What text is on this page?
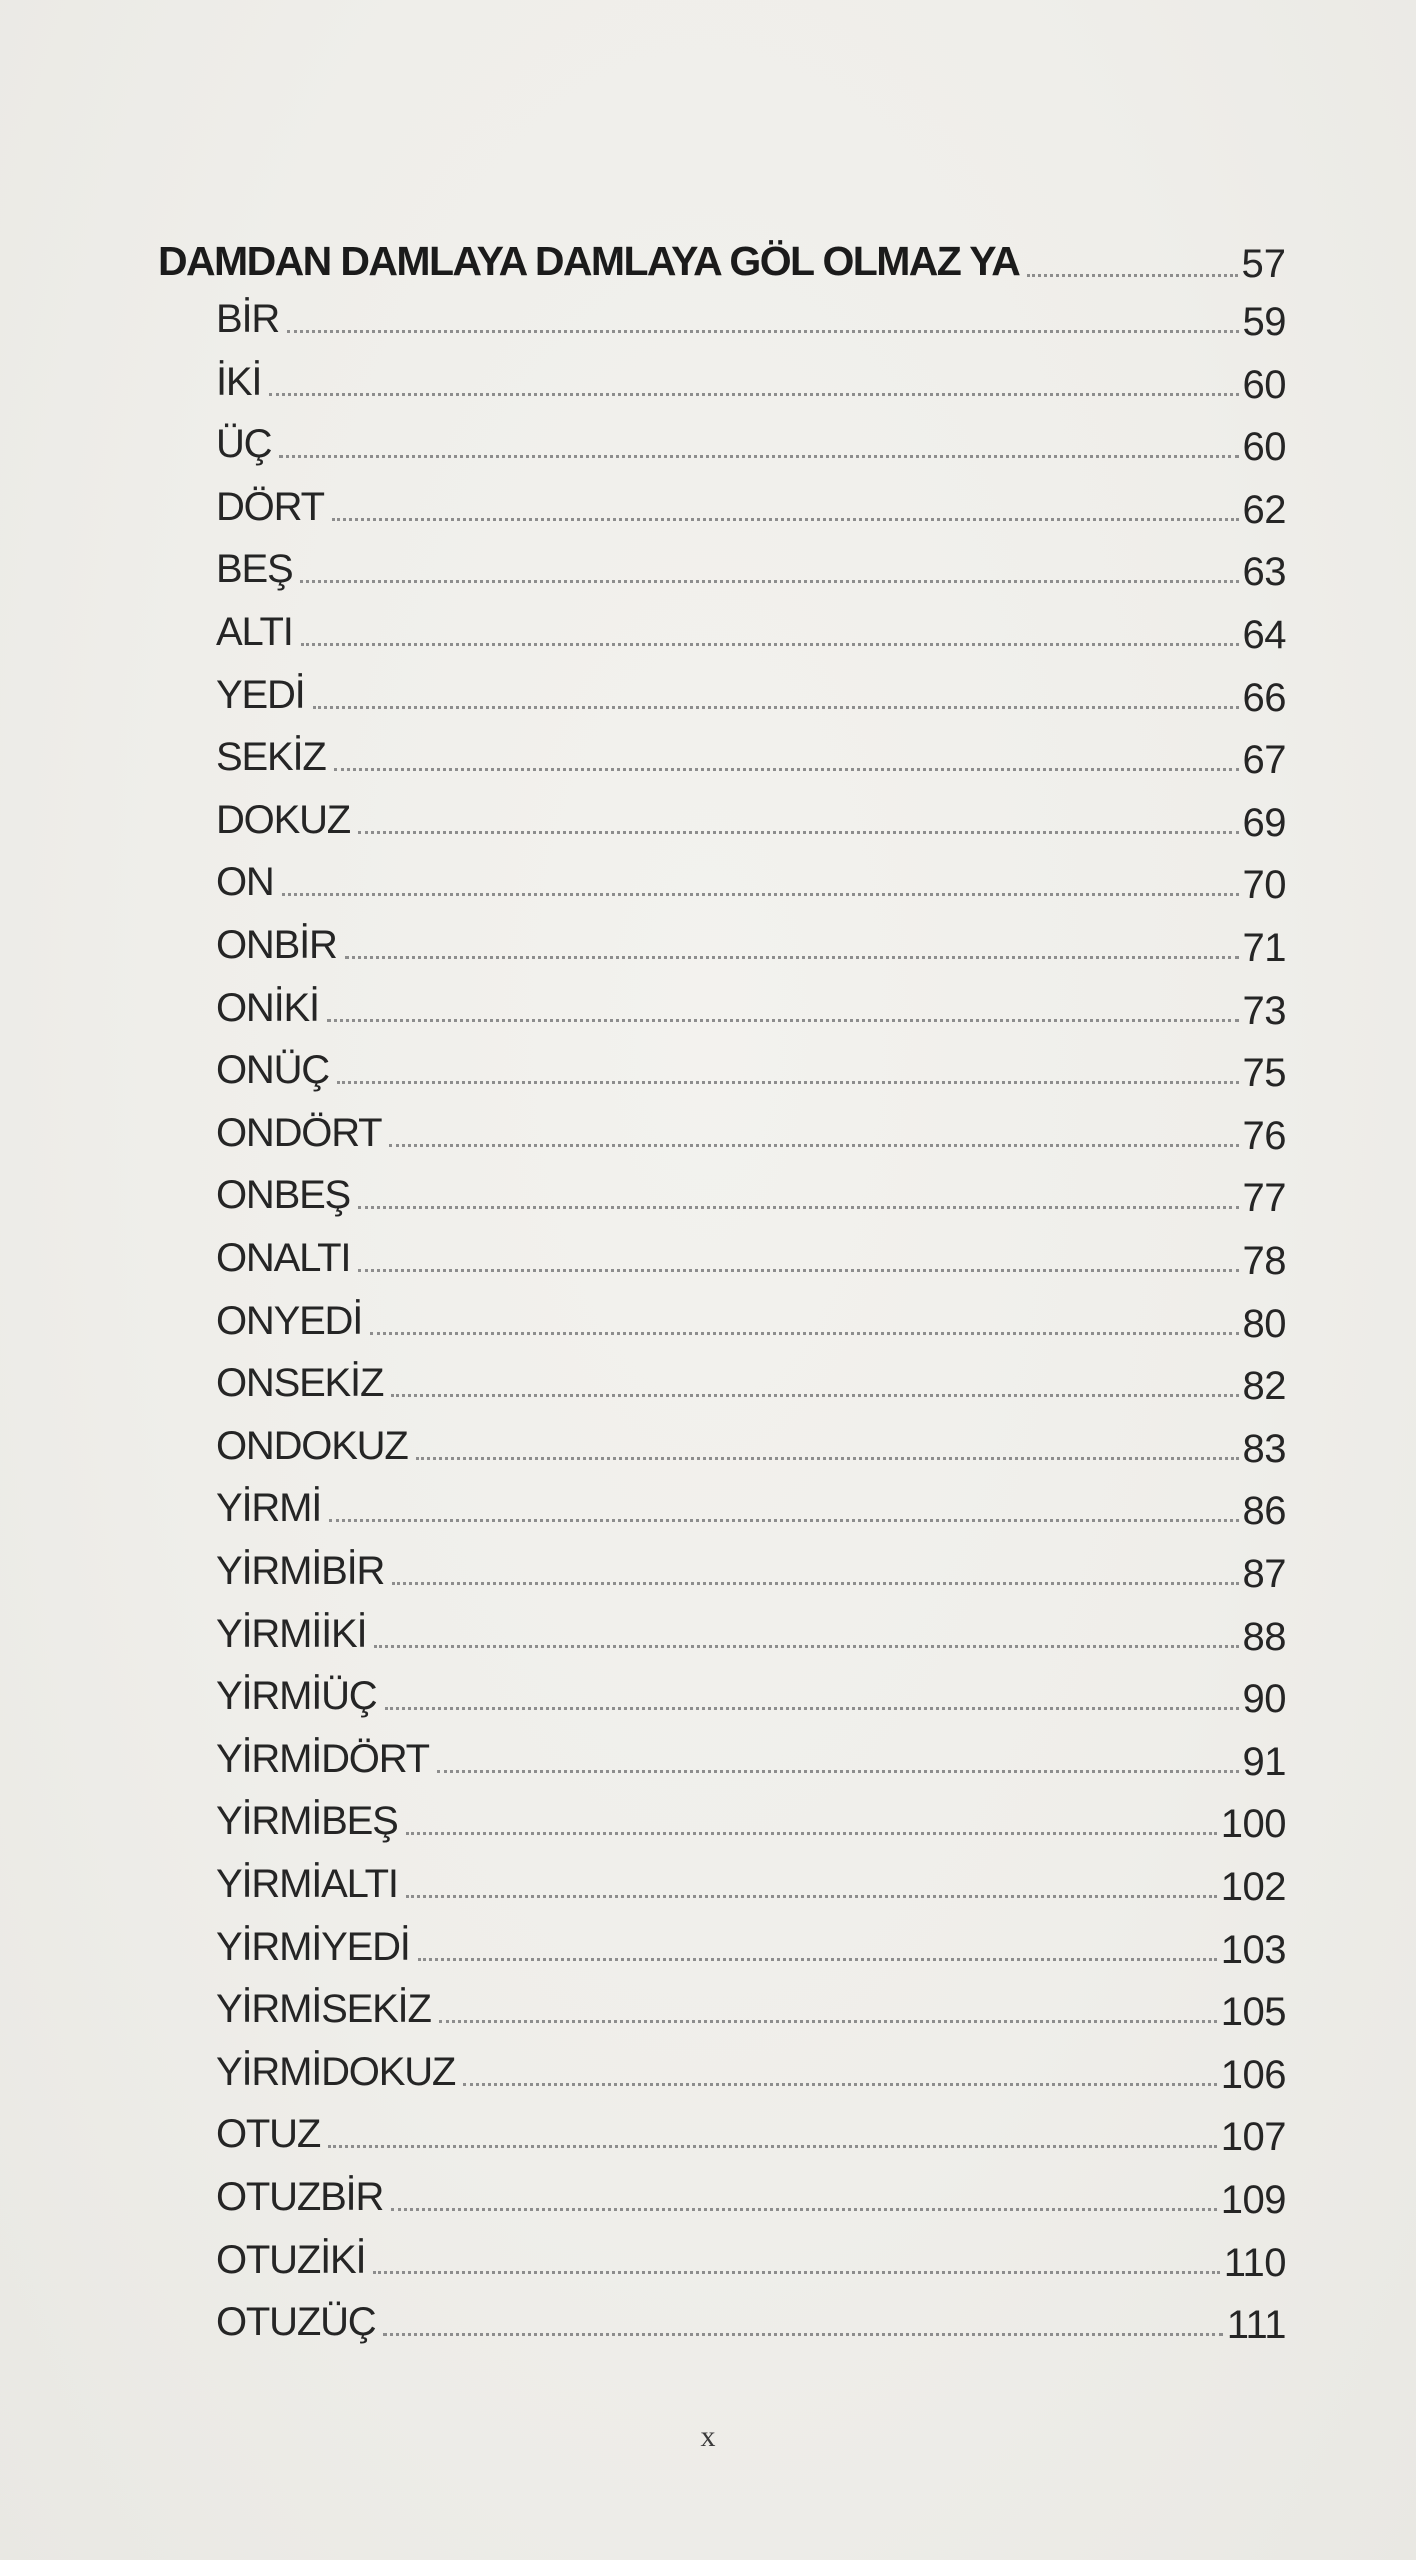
DAMDAN DAMLAYA DAMLAYA GÖL OLMAZ YA	57
BİR	59
İKİ	60
ÜÇ	60
DÖRT	62
BEŞ	63
ALTI	64
YEDİ	66
SEKİZ	67
DOKUZ	69
ON	70
ONBİR	71
ONİKİ	73
ONÜÇ	75
ONDÖRT	76
ONBEŞ	77
ONALTI	78
ONYEDİ	80
ONSEKİZ	82
ONDOKUZ	83
YİRMİ	86
YİRMİBİR	87
YİRMİİKİ	88
YİRMİÜÇ	90
YİRMİDÖRT	91
YİRMİBEŞ	100
YİRMİALTI	102
YİRMİYEDİ	103
YİRMİSEKİZ	105
YİRMİDOKUZ	106
OTUZ	107
OTUZBİR	109
OTUZİKİ	110
OTUZÜÇ	111
x
